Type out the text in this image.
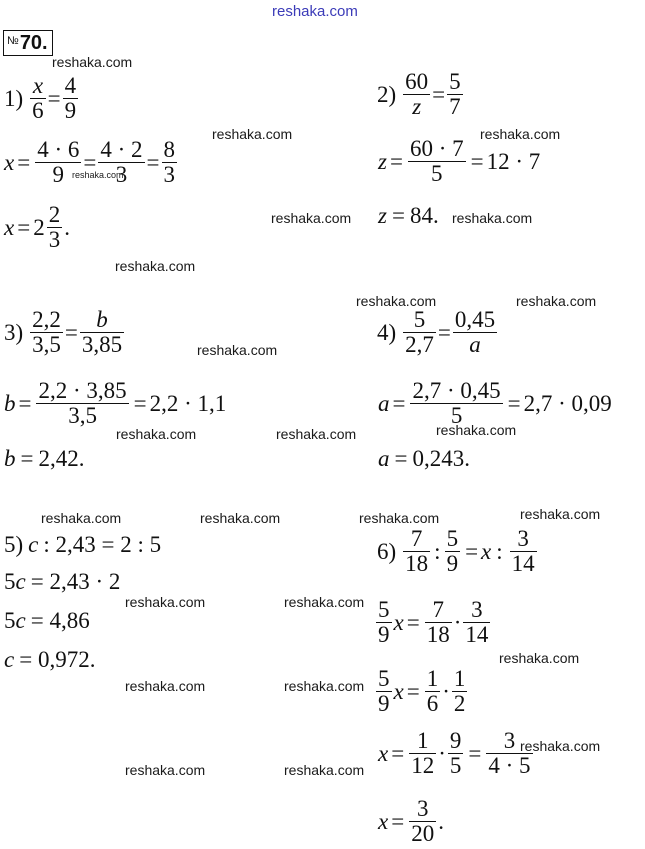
reshaka.com
№70.
$1) \frac{x}{6} = \frac{4}{9}$
$x = \frac{4 \cdot 6}{9} = \frac{4 \cdot 2}{3} = \frac{8}{3}$
$x = 2 \frac{2}{3}$ .
$2) \frac{60}{z} = \frac{5}{7}$
$z = \frac{60 \cdot 7}{5} = 12 \cdot 7$
z = 84.
$3) \frac{2,2}{3,5} = \frac{b}{3,85}$
$b = \frac{2,2 \cdot 3,85}{3,5} = 2,2 \cdot 1,1$
b = 2,42.
$4) \frac{5}{2,7} = \frac{0,45}{a}$
$a = \frac{2,7 \cdot 0,45}{5} = 2,7 \cdot 0,09$
a = 0,243.
5) c : 2,43 = 2 : 5
5 c = 2,43 · 2
5 c = 4,86
c = 0,972.
$6) \frac{7}{18}$ : $\frac{5}{9} = x$ : $\frac{3}{14}$
$\frac{5}{9}$ $x = \frac{7}{18} \cdot \frac{3}{14}$
$\frac{5}{9}$ $x = \frac{1}{6} \cdot \frac{1}{2}$
$x = \frac{1}{12} \cdot \frac{9}{5} = \frac{3}{4 \cdot 5}$
$x = \frac{3}{20}$ .
reshaka.com
reshaka.com
reshaka.com
reshaka.com
reshaka.com	reshaka.com
reshaka.com
reshaka.com	reshaka.com
reshaka.com
reshaka.com	reshaka.com	reshaka.com
reshaka.com	reshaka.com	reshaka.com	reshaka.com
reshaka.com	reshaka.com
reshaka.com
reshaka.com	reshaka.com
reshaka.com
reshaka.com	reshaka.com
